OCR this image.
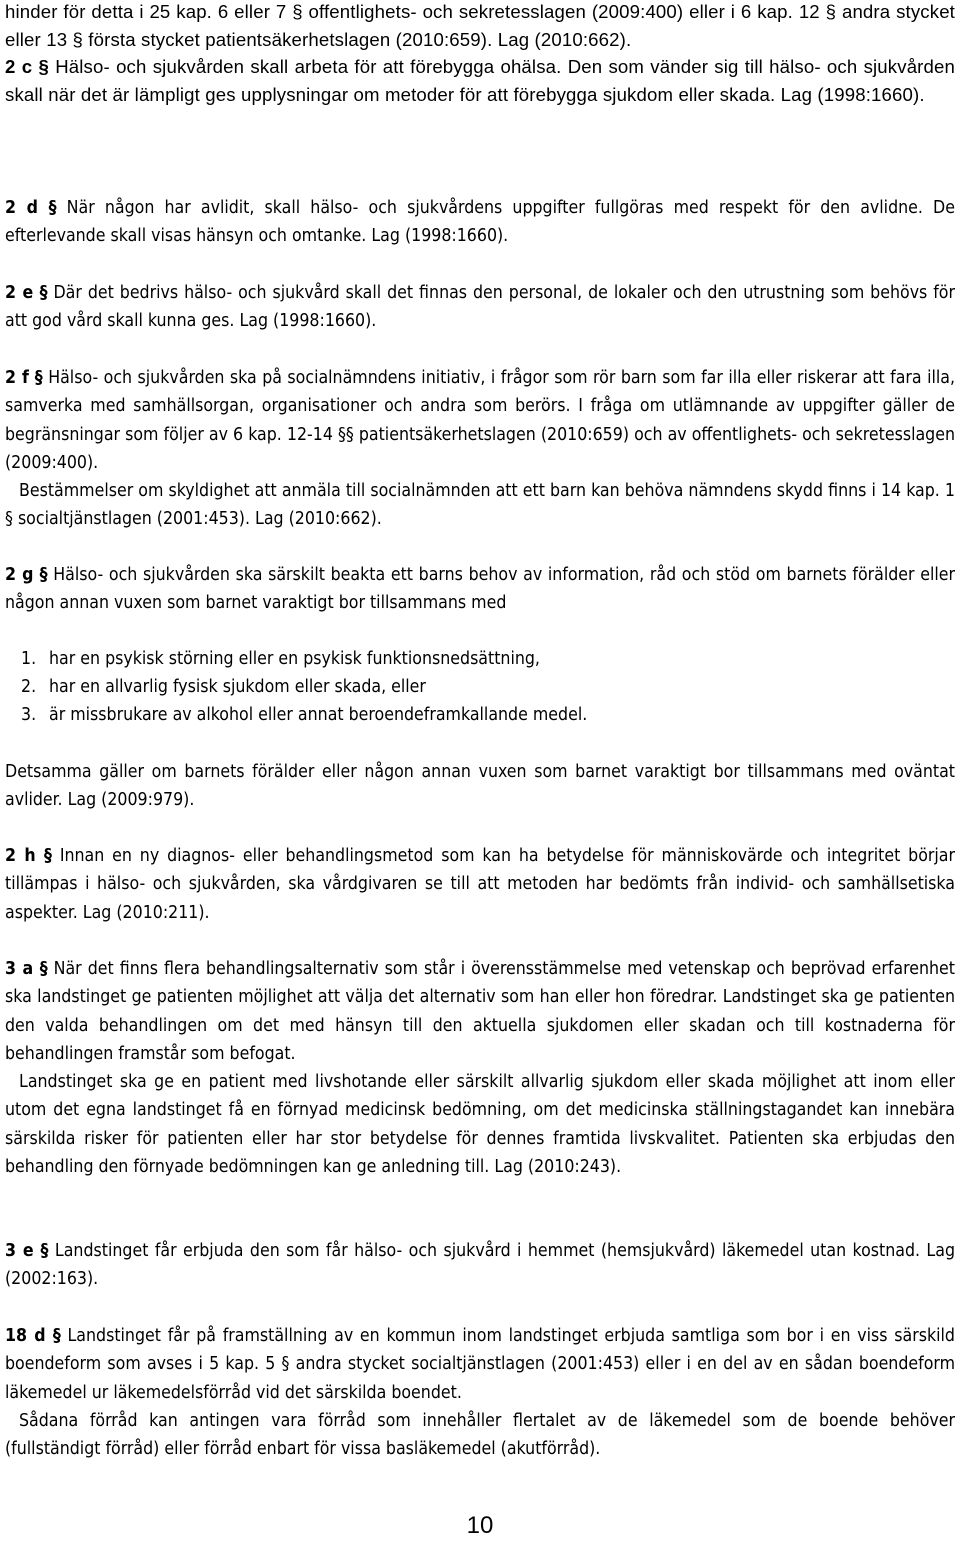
hinder för detta i 25 kap. 6 eller 7 § offentlighets- och sekretesslagen (2009:400) eller i 6 kap. 12 § andra stycket eller 13 § första stycket patientsäkerhetslagen (2010:659). Lag (2010:662).

2 c § Hälso- och sjukvården skall arbeta för att förebygga ohälsa. Den som vänder sig till hälso- och sjukvården skall när det är lämpligt ges upplysningar om metoder för att förebygga sjukdom eller skada. Lag (1998:1660).

2 d § När någon har avlidit, skall hälso- och sjukvårdens uppgifter fullgöras med respekt för den avlidne. De efterlevande skall visas hänsyn och omtanke. Lag (1998:1660).

2 e § Där det bedrivs hälso- och sjukvård skall det finnas den personal, de lokaler och den utrustning som behövs för att god vård skall kunna ges. Lag (1998:1660).

2 f § Hälso- och sjukvården ska på socialnämndens initiativ, i frågor som rör barn som far illa eller riskerar att fara illa, samverka med samhällsorgan, organisationer och andra som berörs. I fråga om utlämnande av uppgifter gäller de begränsningar som följer av 6 kap. 12-14 §§ patientsäkerhetslagen (2010:659) och av offentlighets- och sekretesslagen (2009:400).

Bestämmelser om skyldighet att anmäla till socialnämnden att ett barn kan behöva nämndens skydd finns i 14 kap. 1 § socialtjänstlagen (2001:453). Lag (2010:662).

2 g § Hälso- och sjukvården ska särskilt beakta ett barns behov av information, råd och stöd om barnets förälder eller någon annan vuxen som barnet varaktigt bor tillsammans med

1. har en psykisk störning eller en psykisk funktionsnedsättning,
2. har en allvarlig fysisk sjukdom eller skada, eller
3. är missbrukare av alkohol eller annat beroendeframkallande medel.

Detsamma gäller om barnets förälder eller någon annan vuxen som barnet varaktigt bor tillsammans med oväntat avlider. Lag (2009:979).

2 h § Innan en ny diagnos- eller behandlingsmetod som kan ha betydelse för människovärde och integritet börjar tillämpas i hälso- och sjukvården, ska vårdgivaren se till att metoden har bedömts från individ- och samhällsetiska aspekter. Lag (2010:211).

3 a § När det finns flera behandlingsalternativ som står i överensstämmelse med vetenskap och beprövad erfarenhet ska landstinget ge patienten möjlighet att välja det alternativ som han eller hon föredrar. Landstinget ska ge patienten den valda behandlingen om det med hänsyn till den aktuella sjukdomen eller skadan och till kostnaderna för behandlingen framstår som befogat.

Landstinget ska ge en patient med livshotande eller särskilt allvarlig sjukdom eller skada möjlighet att inom eller utom det egna landstinget få en förnyad medicinsk bedömning, om det medicinska ställningstagandet kan innebära särskilda risker för patienten eller har stor betydelse för dennes framtida livskvalitet. Patienten ska erbjudas den behandling den förnyade bedömningen kan ge anledning till. Lag (2010:243).

3 e § Landstinget får erbjuda den som får hälso- och sjukvård i hemmet (hemsjukvård) läkemedel utan kostnad. Lag (2002:163).

18 d § Landstinget får på framställning av en kommun inom landstinget erbjuda samtliga som bor i en viss särskild boendeform som avses i 5 kap. 5 § andra stycket socialtjänstlagen (2001:453) eller i en del av en sådan boendeform läkemedel ur läkemedelsförråd vid det särskilda boendet.

Sådana förråd kan antingen vara förråd som innehåller flertalet av de läkemedel som de boende behöver (fullständigt förråd) eller förråd enbart för vissa basläkemedel (akutförråd).

10
